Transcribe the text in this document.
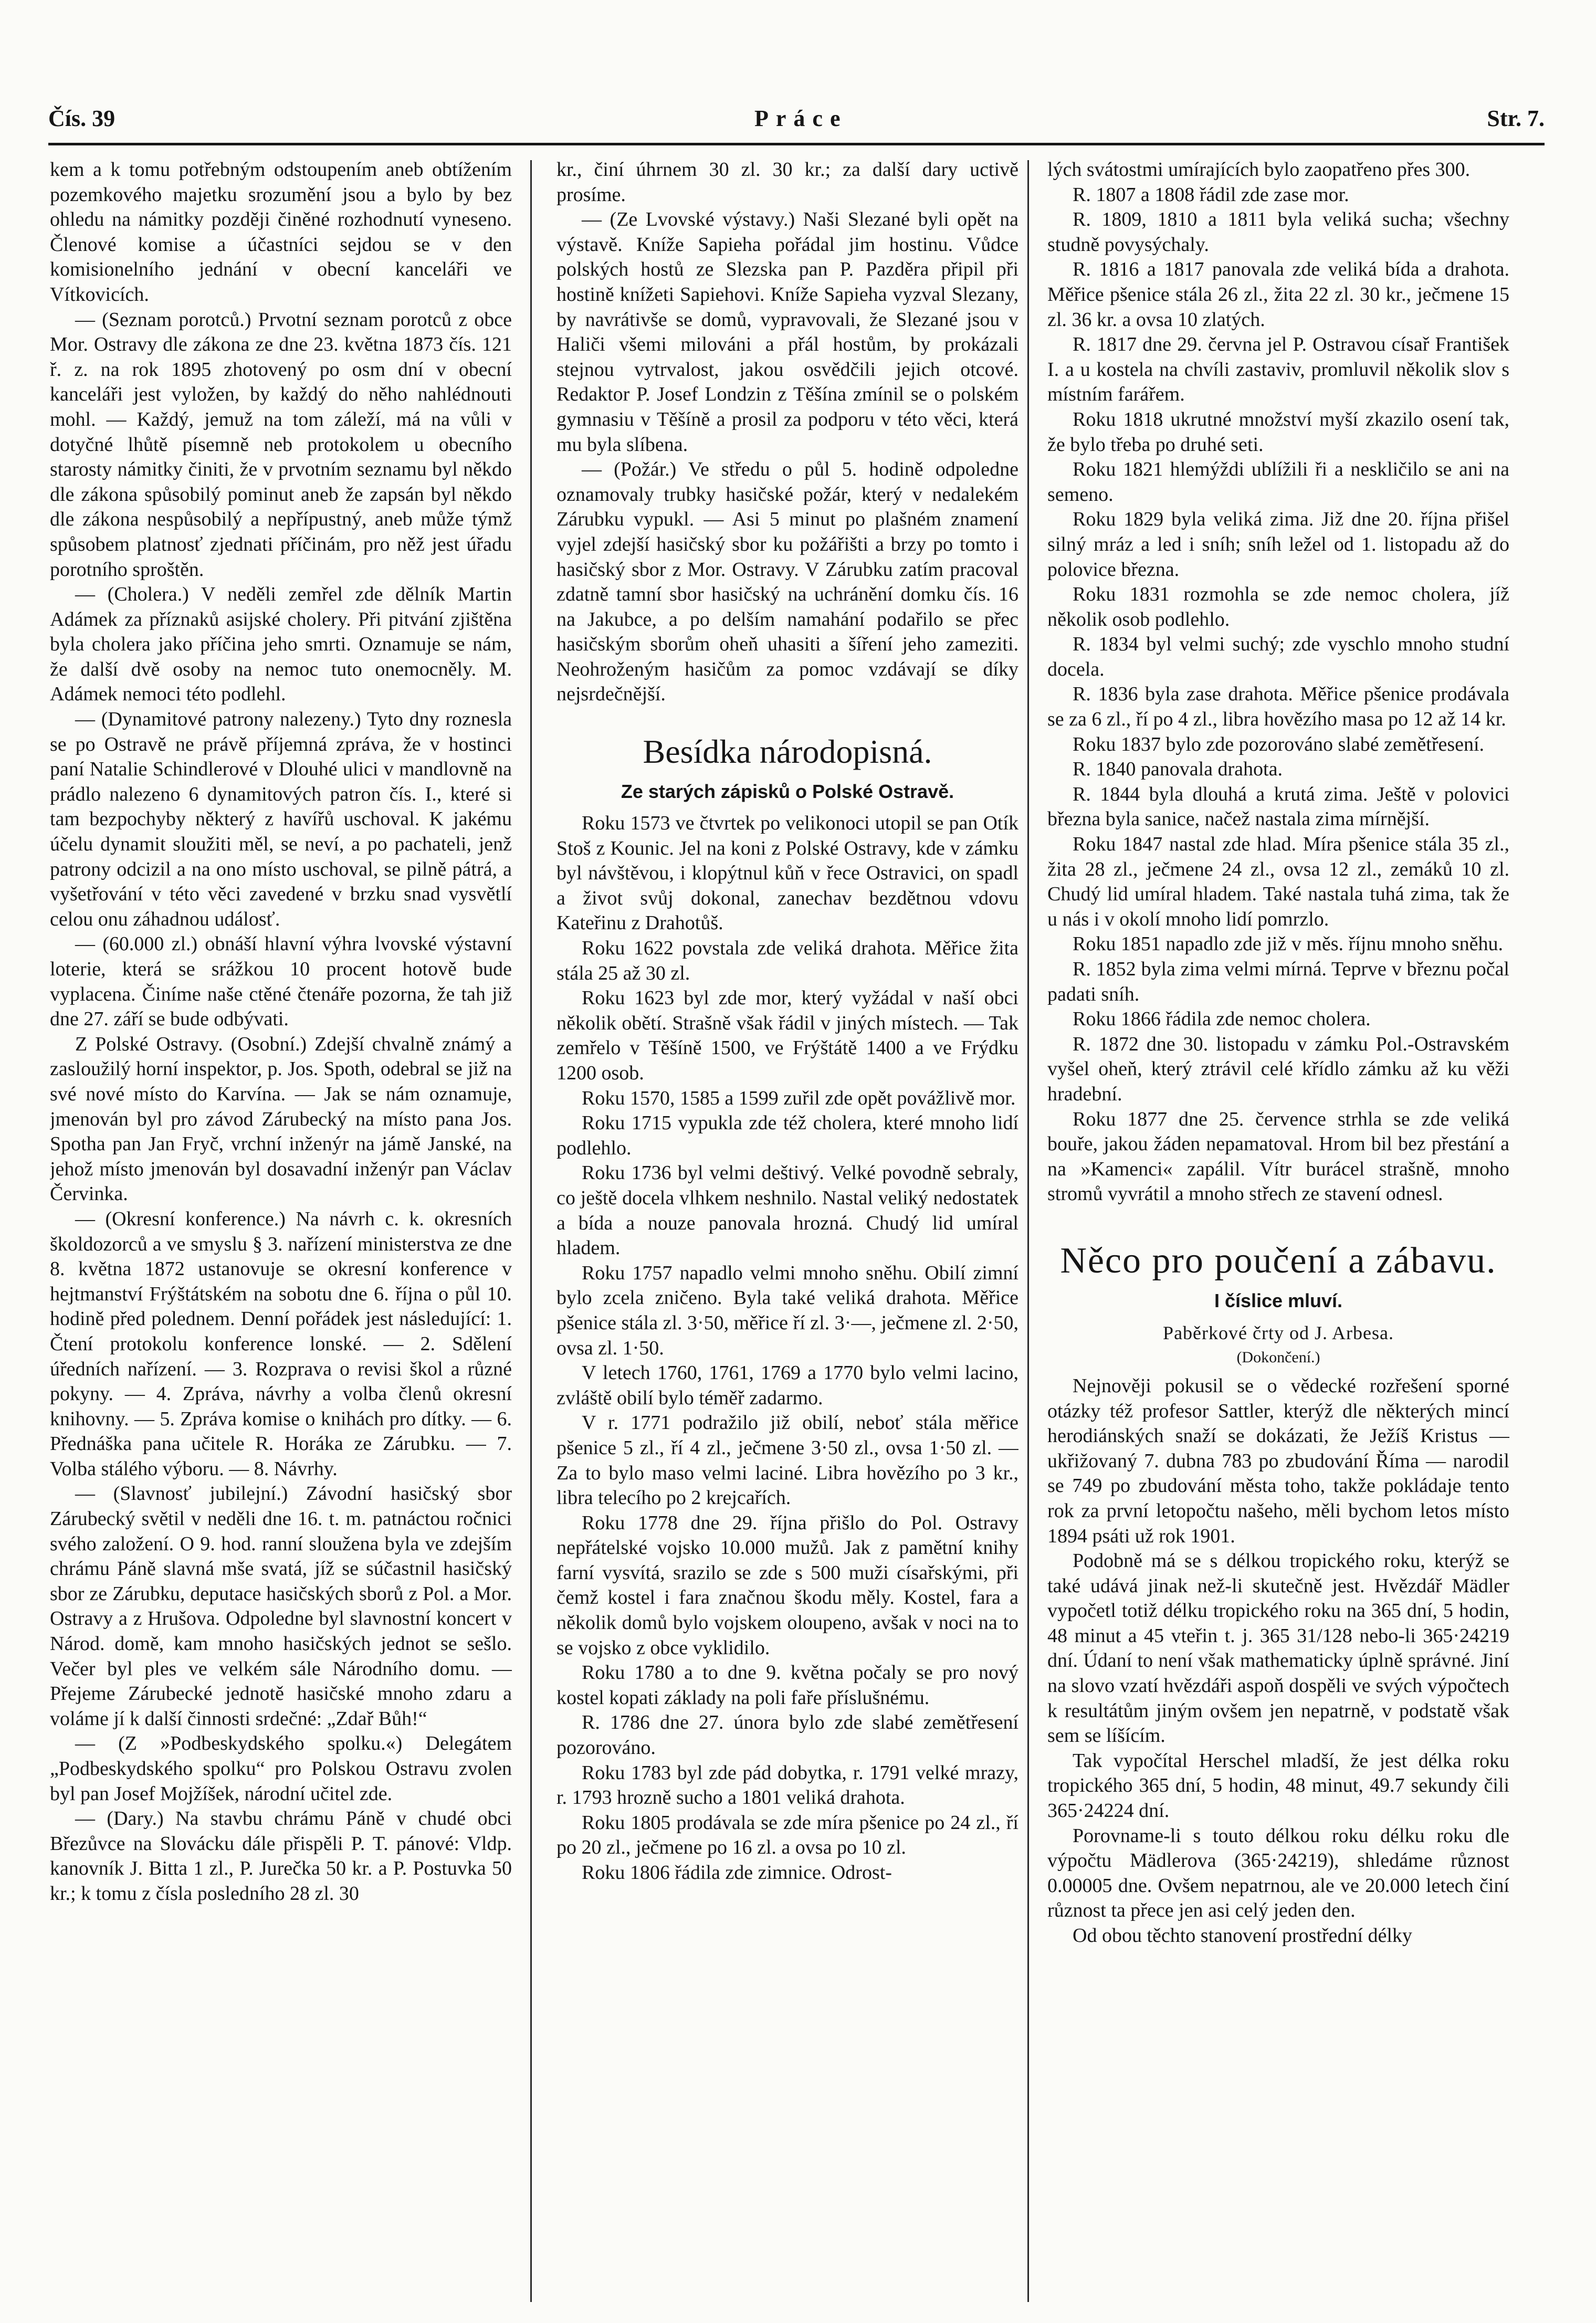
Čís. 39	Práce	Str. 7.

kem a k tomu potřebným odstoupením aneb obtížením pozemkového majetku srozumění jsou a bylo by bez ohledu na námitky později činěné rozhodnutí vyneseno. Členové komise a účastníci sejdou se v den komisionelního jednání v obecní kanceláři ve Vítkovicích.

— (Seznam porotců.) Prvotní seznam porotců z obce Mor. Ostravy dle zákona ze dne 23. května 1873 čís. 121 ř. z. na rok 1895 zhotovený po osm dní v obecní kanceláři jest vyložen, by každý do něho nahlédnouti mohl. — Každý, jemuž na tom záleží, má na vůli v dotyčné lhůtě písemně neb protokolem u obecního starosty námitky činiti, že v prvotním seznamu byl někdo dle zákona spůsobilý pominut aneb že zapsán byl někdo dle zákona nespůsobilý a nepřípustný, aneb může týmž spůsobem platnosť zjednati příčinám, pro něž jest úřadu porotního sproštěn.

— (Cholera.) V neděli zemřel zde dělník Martin Adámek za příznaků asijské cholery. Při pitvání zjištěna byla cholera jako příčina jeho smrti. Oznamuje se nám, že další dvě osoby na nemoc tuto onemocněly. M. Adámek nemoci této podlehl.

— (Dynamitové patrony nalezeny.) Tyto dny roznesla se po Ostravě ne právě příjemná zpráva, že v hostinci paní Natalie Schindlerové v Dlouhé ulici v mandlovně na prádlo nalezeno 6 dynamitových patron čís. I., které si tam bezpochyby některý z havířů uschoval. K jakému účelu dynamit sloužiti měl, se neví, a po pachateli, jenž patrony odcizil a na ono místo uschoval, se pilně pátrá, a vyšetřování v této věci zavedené v brzku snad vysvětlí celou onu záhadnou událosť.

— (60.000 zl.) obnáší hlavní výhra lvovské výstavní loterie, která se srážkou 10 procent hotově bude vyplacena. Činíme naše ctěné čtenáře pozorna, že tah již dne 27. září se bude odbývati.

Z Polské Ostravy. (Osobní.) Zdejší chvalně známý a zasloužilý horní inspektor, p. Jos. Spoth, odebral se již na své nové místo do Karvína. — Jak se nám oznamuje, jmenován byl pro závod Zárubecký na místo pana Jos. Spotha pan Jan Fryč, vrchní inženýr na jámě Janské, na jehož místo jmenován byl dosavadní inženýr pan Václav Červinka.

— (Okresní konference.) Na návrh c. k. okresních školdozorců a ve smyslu § 3. nařízení ministerstva ze dne 8. května 1872 ustanovuje se okresní konference v hejtmanství Frýštátském na sobotu dne 6. října o půl 10. hodině před polednem. Denní pořádek jest následující: 1. Čtení protokolu konference lonské. — 2. Sdělení úředních nařízení. — 3. Rozprava o revisi škol a různé pokyny. — 4. Zpráva, návrhy a volba členů okresní knihovny. — 5. Zpráva komise o knihách pro dítky. — 6. Přednáška pana učitele R. Horáka ze Zárubku. — 7. Volba stálého výboru. — 8. Návrhy.

— (Slavnosť jubilejní.) Závodní hasičský sbor Zárubecký světil v neděli dne 16. t. m. patnáctou ročnici svého založení. O 9. hod. ranní sloužena byla ve zdejším chrámu Páně slavná mše svatá, jíž se súčastnil hasičský sbor ze Zárubku, deputace hasičských sborů z Pol. a Mor. Ostravy a z Hrušova. Odpoledne byl slavnostní koncert v Národ. domě, kam mnoho hasičských jednot se sešlo. Večer byl ples ve velkém sále Národního domu. — Přejeme Zárubecké jednotě hasičské mnoho zdaru a voláme jí k další činnosti srdečné: „Zdař Bůh!“

— (Z »Podbeskydského spolku.«) Delegátem „Podbeskydského spolku“ pro Polskou Ostravu zvolen byl pan Josef Mojžíšek, národní učitel zde.

— (Dary.) Na stavbu chrámu Páně v chudé obci Březůvce na Slovácku dále přispěli P. T. pánové: Vldp. kanovník J. Bitta 1 zl., P. Jurečka 50 kr. a P. Postuvka 50 kr.; k tomu z čísla posledního 28 zl. 30

kr., činí úhrnem 30 zl. 30 kr.; za další dary uctivě prosíme.

— (Ze Lvovské výstavy.) Naši Slezané byli opět na výstavě. Kníže Sapieha pořádal jim hostinu. Vůdce polských hostů ze Slezska pan P. Pazděra připil při hostině knížeti Sapiehovi. Kníže Sapieha vyzval Slezany, by navrátivše se domů, vypravovali, že Slezané jsou v Haliči všemi milováni a přál hostům, by prokázali stejnou vytrvalost, jakou osvědčili jejich otcové. Redaktor P. Josef Londzin z Těšína zmínil se o polském gymnasiu v Těšíně a prosil za podporu v této věci, která mu byla slíbena.

— (Požár.) Ve středu o půl 5. hodině odpoledne oznamovaly trubky hasičské požár, který v nedalekém Zárubku vypukl. — Asi 5 minut po plašném znamení vyjel zdejší hasičský sbor ku požářišti a brzy po tomto i hasičský sbor z Mor. Ostravy. V Zárubku zatím pracoval zdatně tamní sbor hasičský na uchránění domku čís. 16 na Jakubce, a po delším namahání podařilo se přec hasičským sborům oheň uhasiti a šíření jeho zameziti. Neohroženým hasičům za pomoc vzdávají se díky nejsrdečnější.

Besídka národopisná.
Ze starých zápisků o Polské Ostravě.

Roku 1573 ve čtvrtek po velikonoci utopil se pan Otík Stoš z Kounic. Jel na koni z Polské Ostravy, kde v zámku byl návštěvou, i klopýtnul kůň v řece Ostravici, on spadl a život svůj dokonal, zanechav bezdětnou vdovu Kateřinu z Drahotůš.

Roku 1622 povstala zde veliká drahota. Měřice žita stála 25 až 30 zl.

Roku 1623 byl zde mor, který vyžádal v naší obci několik obětí. Strašně však řádil v jiných místech. — Tak zemřelo v Těšíně 1500, ve Frýštátě 1400 a ve Frýdku 1200 osob.

Roku 1570, 1585 a 1599 zuřil zde opět povážlivě mor.

Roku 1715 vypukla zde též cholera, které mnoho lidí podlehlo.

Roku 1736 byl velmi deštivý. Velké povodně sebraly, co ještě docela vlhkem neshnilo. Nastal veliký nedostatek a bída a nouze panovala hrozná. Chudý lid umíral hladem.

Roku 1757 napadlo velmi mnoho sněhu. Obilí zimní bylo zcela zničeno. Byla také veliká drahota. Měřice pšenice stála zl. 3·50, měřice ří zl. 3·—, ječmene zl. 2·50, ovsa zl. 1·50.

V letech 1760, 1761, 1769 a 1770 bylo velmi lacino, zvláště obilí bylo téměř zadarmo.

V r. 1771 podražilo již obilí, neboť stála měřice pšenice 5 zl., ří 4 zl., ječmene 3·50 zl., ovsa 1·50 zl. — Za to bylo maso velmi laciné. Libra hovězího po 3 kr., libra telecího po 2 krejcařích.

Roku 1778 dne 29. října přišlo do Pol. Ostravy nepřátelské vojsko 10.000 mužů. Jak z pamětní knihy farní vysvítá, srazilo se zde s 500 muži císařskými, při čemž kostel i fara značnou škodu měly. Kostel, fara a několik domů bylo vojskem oloupeno, avšak v noci na to se vojsko z obce vyklidilo.

Roku 1780 a to dne 9. května počaly se pro nový kostel kopati základy na poli faře příslušnému.

R. 1786 dne 27. února bylo zde slabé zemětřesení pozorováno.

Roku 1783 byl zde pád dobytka, r. 1791 velké mrazy, r. 1793 hrozně sucho a 1801 veliká drahota.

Roku 1805 prodávala se zde míra pšenice po 24 zl., ří po 20 zl., ječmene po 16 zl. a ovsa po 10 zl.

Roku 1806 řádila zde zimnice. Odrost-

lých svátostmi umírajících bylo zaopatřeno přes 300.

R. 1807 a 1808 řádil zde zase mor.

R. 1809, 1810 a 1811 byla veliká sucha; všechny studně povysýchaly.

R. 1816 a 1817 panovala zde veliká bída a drahota. Měřice pšenice stála 26 zl., žita 22 zl. 30 kr., ječmene 15 zl. 36 kr. a ovsa 10 zlatých.

R. 1817 dne 29. června jel P. Ostravou císař František I. a u kostela na chvíli zastaviv, promluvil několik slov s místním farářem.

Roku 1818 ukrutné množství myší zkazilo osení tak, že bylo třeba po druhé seti.

Roku 1821 hlemýždi ublížili ři a neskličilo se ani na semeno.

Roku 1829 byla veliká zima. Již dne 20. října přišel silný mráz a led i sníh; sníh ležel od 1. listopadu až do polovice března.

Roku 1831 rozmohla se zde nemoc cholera, jíž několik osob podlehlo.

R. 1834 byl velmi suchý; zde vyschlo mnoho studní docela.

R. 1836 byla zase drahota. Měřice pšenice prodávala se za 6 zl., ří po 4 zl., libra hovězího masa po 12 až 14 kr.

Roku 1837 bylo zde pozorováno slabé zemětřesení.

R. 1840 panovala drahota.

R. 1844 byla dlouhá a krutá zima. Ještě v polovici března byla sanice, načež nastala zima mírnější.

Roku 1847 nastal zde hlad. Míra pšenice stála 35 zl., žita 28 zl., ječmene 24 zl., ovsa 12 zl., zemáků 10 zl. Chudý lid umíral hladem. Také nastala tuhá zima, tak že u nás i v okolí mnoho lidí pomrzlo.

Roku 1851 napadlo zde již v měs. říjnu mnoho sněhu.

R. 1852 byla zima velmi mírná. Teprve v březnu počal padati sníh.

Roku 1866 řádila zde nemoc cholera.

R. 1872 dne 30. listopadu v zámku Pol.-Ostravském vyšel oheň, který ztrávil celé křídlo zámku až ku věži hradební.

Roku 1877 dne 25. července strhla se zde veliká bouře, jakou žáden nepamatoval. Hrom bil bez přestání a na »Kamenci« zapálil. Vítr burácel strašně, mnoho stromů vyvrátil a mnoho střech ze stavení odnesl.

Něco pro poučení a zábavu.
I číslice mluví.
Paběrkové črty od J. Arbesa.
(Dokončení.)

Nejnověji pokusil se o vědecké rozřešení sporné otázky též profesor Sattler, kterýž dle některých mincí herodiánských snaží se dokázati, že Ježíš Kristus — ukřižovaný 7. dubna 783 po zbudování Říma — narodil se 749 po zbudování města toho, takže pokládaje tento rok za první letopočtu našeho, měli bychom letos místo 1894 psáti už rok 1901.

Podobně má se s délkou tropického roku, kterýž se také udává jinak než-li skutečně jest. Hvězdář Mädler vypočetl totiž délku tropického roku na 365 dní, 5 hodin, 48 minut a 45 vteřin t. j. 365 31/128 nebo-li 365·24219 dní. Údaní to není však mathematicky úplně správné. Jiní na slovo vzatí hvězdáři aspoň dospěli ve svých výpočtech k resultátům jiným ovšem jen nepatrně, v podstatě však sem se líšícím.

Tak vypočítal Herschel mladší, že jest délka roku tropického 365 dní, 5 hodin, 48 minut, 49.7 sekundy čili 365·24224 dní.

Porovname-li s touto délkou roku délku roku dle výpočtu Mädlerova (365·24219), shledáme různost 0.00005 dne. Ovšem nepatrnou, ale ve 20.000 letech činí různost ta přece jen asi celý jeden den.

Od obou těchto stanovení prostřední délky
